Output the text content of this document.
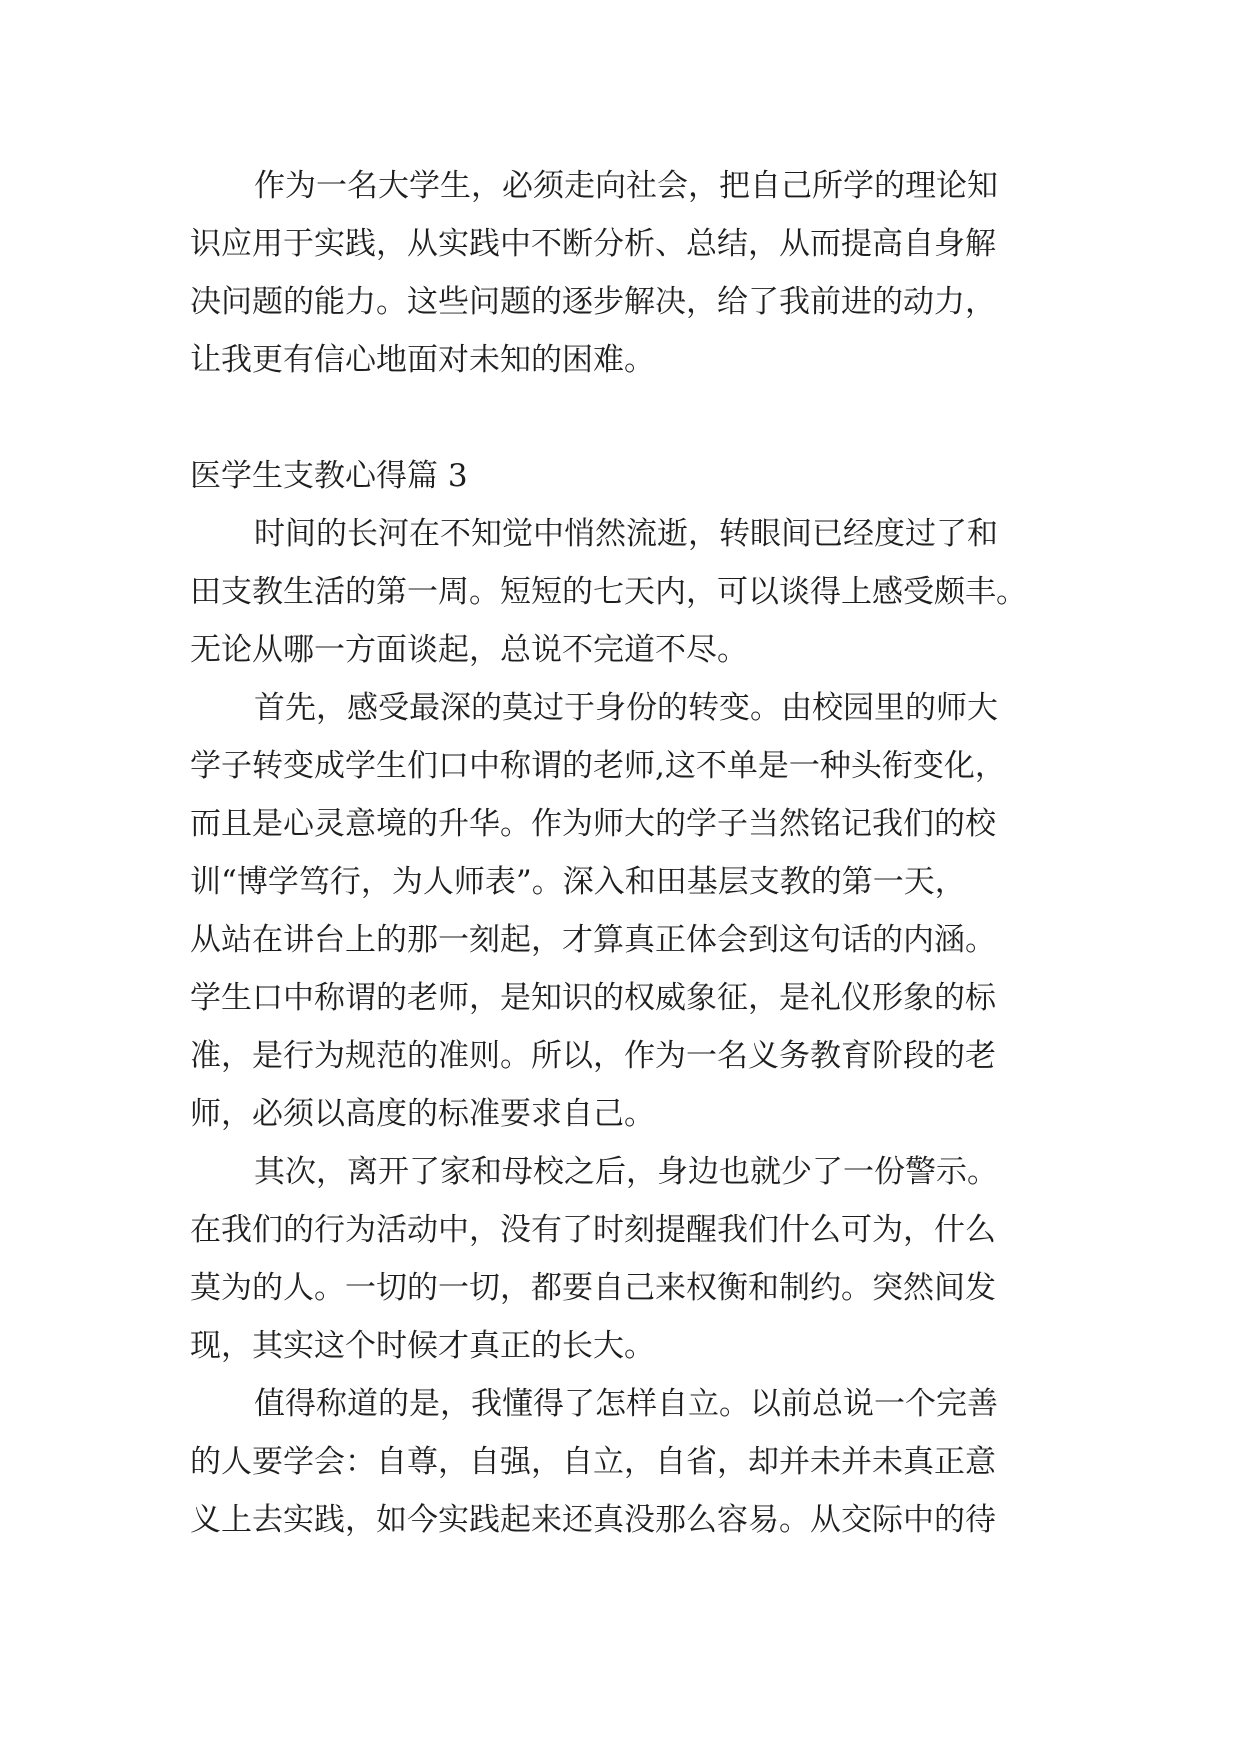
作为一名大学生，必须走向社会，把自己所学的理论知
识应用于实践，从实践中不断分析、总结，从而提高自身解
决问题的能力。这些问题的逐步解决，给了我前进的动力，
让我更有信心地面对未知的困难。
医学生支教心得篇 3
时间的长河在不知觉中悄然流逝，转眼间已经度过了和
田支教生活的第一周。短短的七天内，可以谈得上感受颇丰。
无论从哪一方面谈起，总说不完道不尽。
首先，感受最深的莫过于身份的转变。由校园里的师大
学子转变成学生们口中称谓的老师,这不单是一种头衔变化，
而且是心灵意境的升华。作为师大的学子当然铭记我们的校
训“博学笃行，为人师表”。深入和田基层支教的第一天，
从站在讲台上的那一刻起，才算真正体会到这句话的内涵。
学生口中称谓的老师，是知识的权威象征，是礼仪形象的标
准，是行为规范的准则。所以，作为一名义务教育阶段的老
师，必须以高度的标准要求自己。
其次，离开了家和母校之后，身边也就少了一份警示。
在我们的行为活动中，没有了时刻提醒我们什么可为，什么
莫为的人。一切的一切，都要自己来权衡和制约。突然间发
现，其实这个时候才真正的长大。
值得称道的是，我懂得了怎样自立。以前总说一个完善
的人要学会：自尊，自强，自立，自省，却并未并未真正意
义上去实践，如今实践起来还真没那么容易。从交际中的待
